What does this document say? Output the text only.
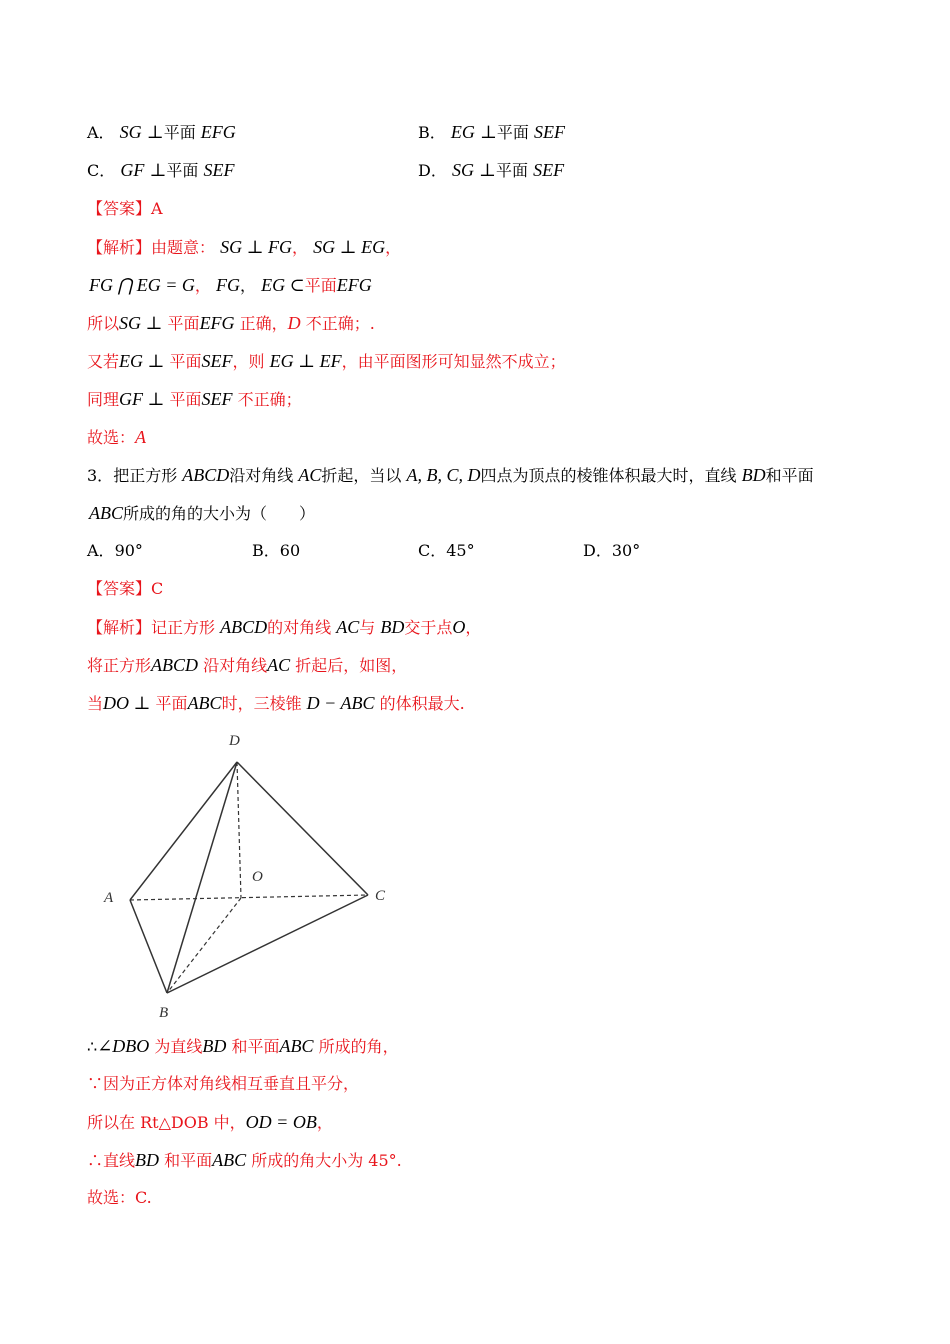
A． SG ⊥平面 EFG	B． EG ⊥平面 SEF
C． GF ⊥平面 SEF	D． SG ⊥平面 SEF
【答案】A
【解析】由题意： SG ⊥ FG， SG ⊥ EG，
FG ⋂ EG = G， FG， EG ⊂平面EFG
所以SG ⊥ 平面EFG 正确，D 不正确；.
又若EG ⊥ 平面SEF，则 EG ⊥ EF，由平面图形可知显然不成立；
同理GF ⊥ 平面SEF 不正确；
故选：A
3．把正方形 ABCD沿对角线 AC折起，当以 A, B, C, D四点为顶点的棱锥体积最大时，直线 BD和平面
ABC所成的角的大小为（　　）
A．90°	B．60	C．45°	D．30°
【答案】C
【解析】记正方形 ABCD的对角线 AC与 BD交于点O，
将正方形ABCD 沿对角线AC 折起后，如图，
当DO ⊥ 平面ABC时，三棱锥 D − ABC 的体积最大.
D
O
A	C
B
∴∠DBO 为直线BD 和平面ABC 所成的角，
∵因为正方体对角线相互垂直且平分，
所以在 Rt△DOB 中，OD = OB，
∴直线BD 和平面ABC 所成的角大小为 45°.
故选：C.
